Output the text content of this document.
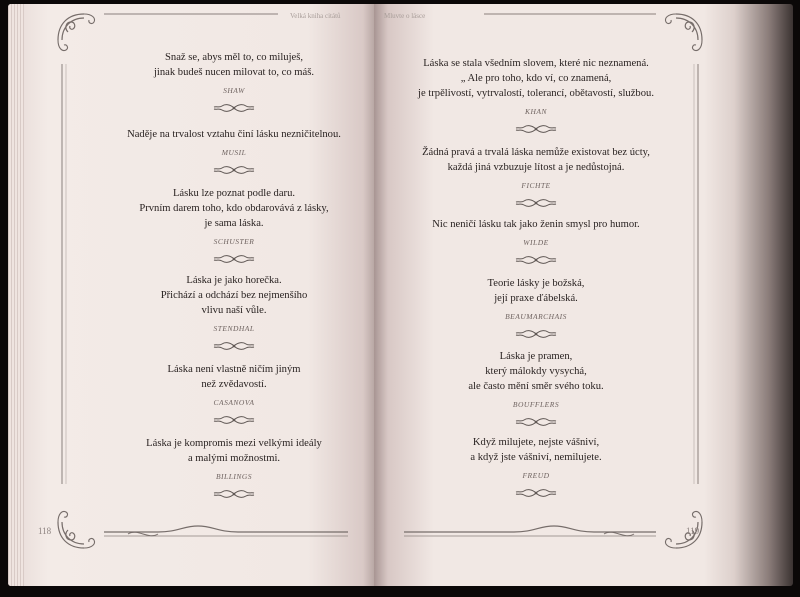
Velká kniha citátů
Snaž se, abys měl to, co miluješ,
jinak budeš nucen milovat to, co máš.
SHAW
Naděje na trvalost vztahu činí lásku nezničitelnou.
MUSIL
Lásku lze poznat podle daru.
Prvním darem toho, kdo obdarovává z lásky,
je sama láska.
SCHUSTER
Láska je jako horečka.
Přichází a odchází bez nejmenšího
vlivu naší vůle.
STENDHAL
Láska není vlastně ničím jiným
než zvědavostí.
CASANOVA
Láska je kompromis mezi velkými ideály
a malými možnostmi.
BILLINGS
118
Mluvte o lásce
Láska se stala všedním slovem, které nic neznamená.
„ Ale pro toho, kdo ví, co znamená,
je trpělivostí, vytrvalostí, tolerancí, obětavostí, službou.
KHAN
Žádná pravá a trvalá láska nemůže existovat bez úcty,
každá jiná vzbuzuje lítost a je nedůstojná.
FICHTE
Nic neničí lásku tak jako ženin smysl pro humor.
WILDE
Teorie lásky je božská,
její praxe ďábelská.
BEAUMARCHAIS
Láska je pramen,
který málokdy vysychá,
ale často mění směr svého toku.
BOUFFLERS
Když milujete, nejste vášniví,
a když jste vášniví, nemilujete.
FREUD
119
